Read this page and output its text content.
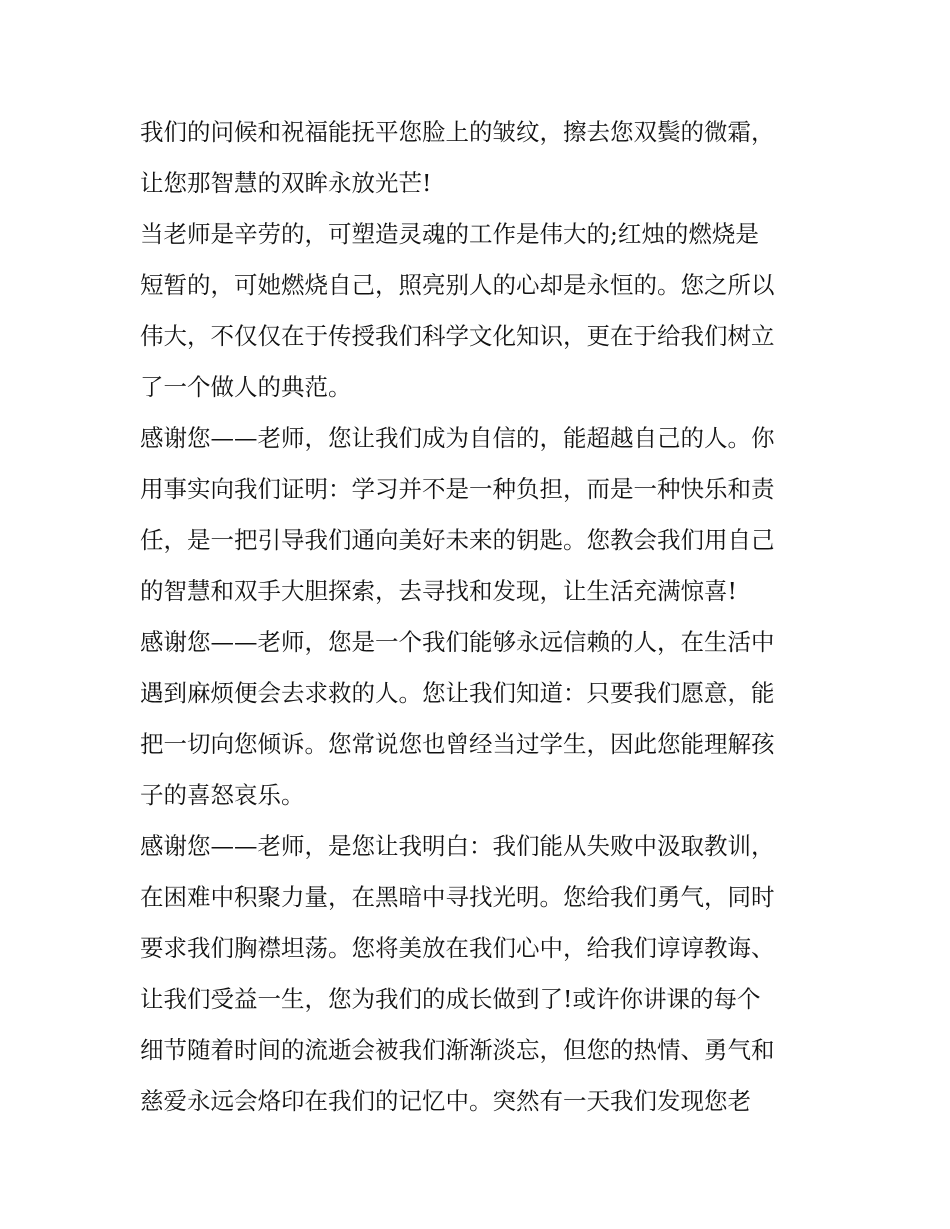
我们的问候和祝福能抚平您脸上的皱纹，擦去您双鬓的微霜，
让您那智慧的双眸永放光芒!
当老师是辛劳的，可塑造灵魂的工作是伟大的;红烛的燃烧是
短暂的，可她燃烧自己，照亮别人的心却是永恒的。您之所以
伟大，不仅仅在于传授我们科学文化知识，更在于给我们树立
了一个做人的典范。
感谢您——老师，您让我们成为自信的，能超越自己的人。你
用事实向我们证明：学习并不是一种负担，而是一种快乐和责
任，是一把引导我们通向美好未来的钥匙。您教会我们用自己
的智慧和双手大胆探索，去寻找和发现，让生活充满惊喜!
感谢您——老师，您是一个我们能够永远信赖的人，在生活中
遇到麻烦便会去求救的人。您让我们知道：只要我们愿意，能
把一切向您倾诉。您常说您也曾经当过学生，因此您能理解孩
子的喜怒哀乐。
感谢您——老师，是您让我明白：我们能从失败中汲取教训，
在困难中积聚力量，在黑暗中寻找光明。您给我们勇气，同时
要求我们胸襟坦荡。您将美放在我们心中，给我们谆谆教诲、
让我们受益一生，您为我们的成长做到了!或许你讲课的每个
细节随着时间的流逝会被我们渐渐淡忘，但您的热情、勇气和
慈爱永远会烙印在我们的记忆中。突然有一天我们发现您老
